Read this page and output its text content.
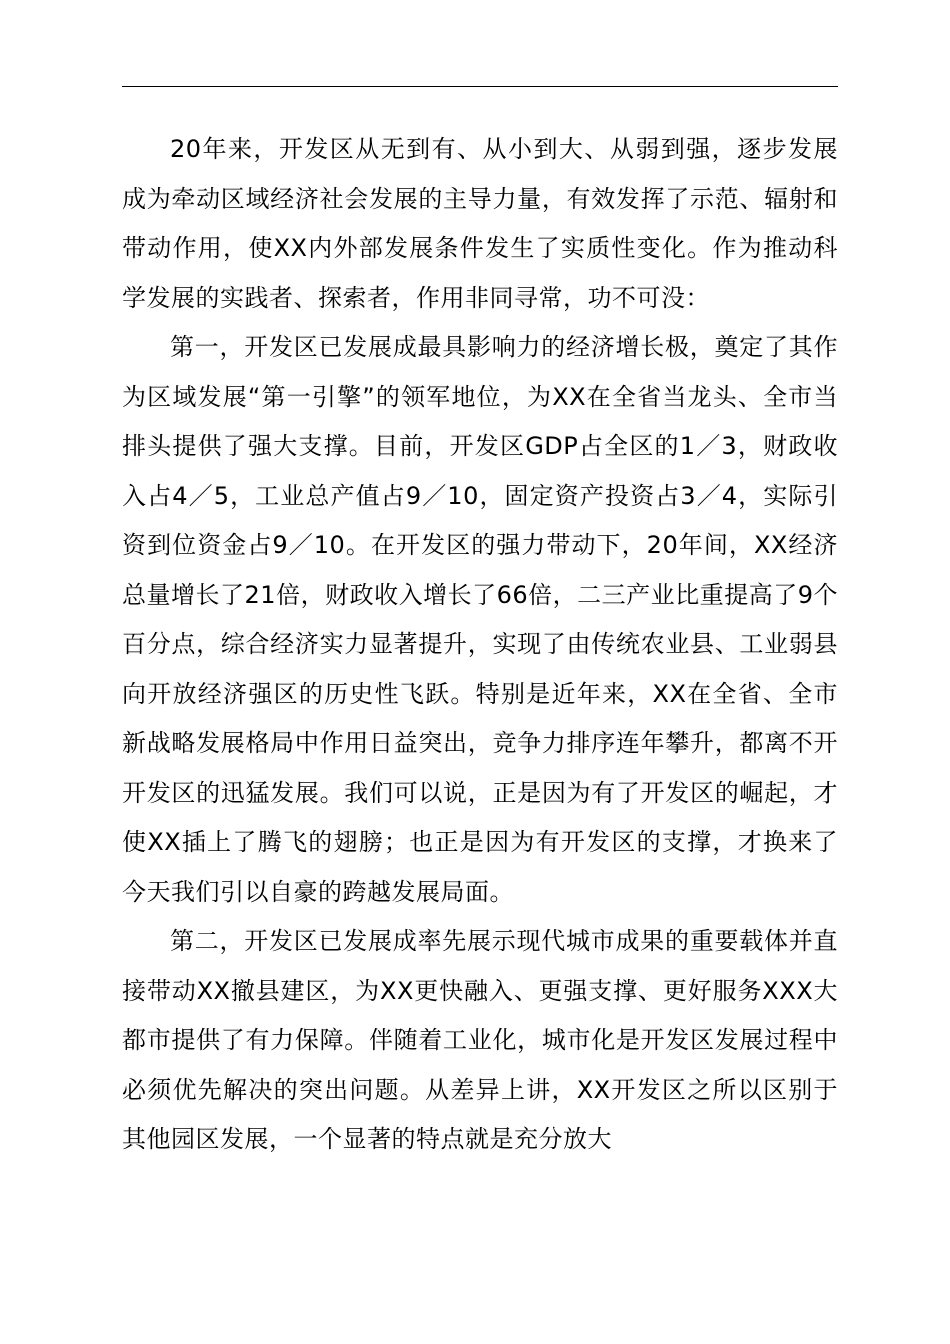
20年来，开发区从无到有、从小到大、从弱到强，逐步发展成为牵动区域经济社会发展的主导力量，有效发挥了示范、辐射和带动作用，使XX内外部发展条件发生了实质性变化。作为推动科学发展的实践者、探索者，作用非同寻常，功不可没：

第一，开发区已发展成最具影响力的经济增长极，奠定了其作为区域发展“第一引擎”的领军地位，为XX在全省当龙头、全市当排头提供了强大支撑。目前，开发区GDP占全区的1／3，财政收入占4／5，工业总产值占9／10，固定资产投资占3／4，实际引资到位资金占9／10。在开发区的强力带动下，20年间，XX经济总量增长了21倍，财政收入增长了66倍，二三产业比重提高了9个百分点，综合经济实力显著提升，实现了由传统农业县、工业弱县向开放经济强区的历史性飞跃。特别是近年来，XX在全省、全市新战略发展格局中作用日益突出，竞争力排序连年攀升，都离不开开发区的迅猛发展。我们可以说，正是因为有了开发区的崛起，才使XX插上了腾飞的翅膀；也正是因为有开发区的支撑，才换来了今天我们引以自豪的跨越发展局面。

第二，开发区已发展成率先展示现代城市成果的重要载体并直接带动XX撤县建区，为XX更快融入、更强支撑、更好服务XXX大都市提供了有力保障。伴随着工业化，城市化是开发区发展过程中必须优先解决的突出问题。从差异上讲，XX开发区之所以区别于其他园区发展，一个显著的特点就是充分放大
